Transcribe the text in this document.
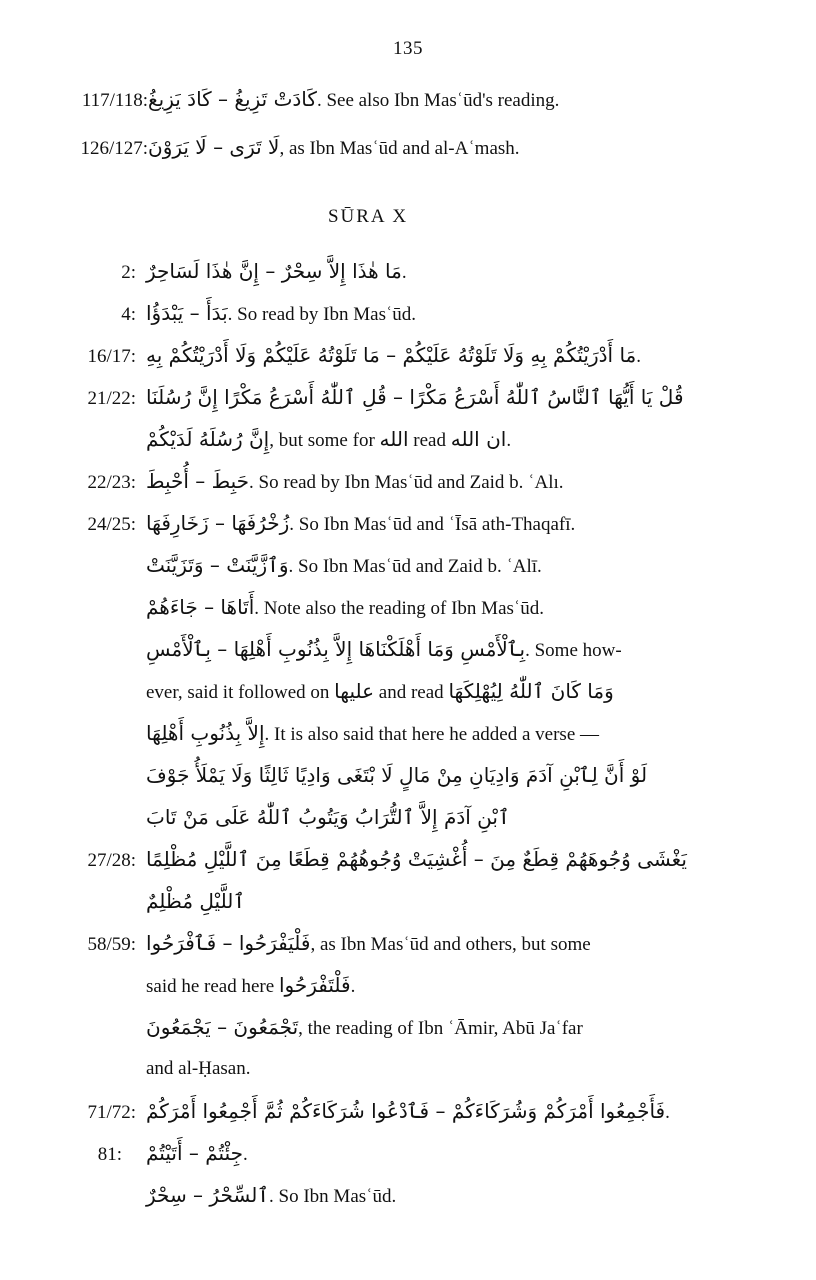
135
SŪRA X
117/118:كَادَتْ تَزِيغُ – كَادَ يَزِيغُ. See also Ibn Masʿūd's reading.
126/127:لَا تَرَى – لَا يَرَوْنَ, as Ibn Masʿūd and al-Aʿmash.
2: مَا هٰذَا إِلاَّ سِحْرٌ – إِنَّ هٰذَا لَسَاحِرٌ.
4: بَدَأَ – يَبْدَؤُا. So read by Ibn Masʿūd.
16/17: مَا أَدْرَيْتُكُمْ بِهِ وَلَا تَلَوْتُهُ عَلَيْكُمْ – مَا تَلَوْتُهُ عَلَيْكُمْ وَلَا أَدْرَيْتُكُمْ بِهِ.
21/22: قُلْ يَا أَيُّهَا ٱلنَّاسُ ٱللّٰهُ أَسْرَعُ مَكْرًا – قُلِ ٱللّٰهُ أَسْرَعُ مَكْرًا إِنَّ رُسُلَنَا
إِنَّ رُسُلَهُ لَدَيْكُمْ, but some for الله read ان الله.
22/23: حَبِطَ – أُحْبِطَ. So read by Ibn Masʿūd and Zaid b. ʿAlı.
24/25: زُخْرُفَهَا – زَخَارِفَهَا. So Ibn Masʿūd and ʿĪsā ath-Thaqafī.
وَٱزَّيَّنَتْ – وَتَزَيَّنَتْ. So Ibn Masʿūd and Zaid b. ʿAlī.
أَتَاهَا – جَاءَهُمْ. Note also the reading of Ibn Masʿūd.
بِٱلْأَمْسِ وَمَا أَهْلَكْنَاهَا إِلاَّ بِذُنُوبِ أَهْلِهَا – بِٱلْأَمْسِ. Some how-
ever, said it followed on عليها and read وَمَا كَانَ ٱللّٰهُ لِيُهْلِكَهَا
إِلاَّ بِذُنُوبِ أَهْلِهَا. It is also said that here he added a verse —
لَوْ أَنَّ لِٱبْنِ آدَمَ وَادِيَانِ مِنْ مَالٍ لَا بْتَغَى وَادِيًا ثَالِثًا وَلَا يَمْلَأُ جَوْفَ
ٱبْنِ آدَمَ إِلاَّ ٱلتُّرَابُ وَيَتُوبُ ٱللّٰهُ عَلَى مَنْ تَابَ
27/28: يَغْشَى وُجُوهَهُمْ قِطَعٌ مِنَ – أُغْشِيَتْ وُجُوهُهُمْ قِطَعًا مِنَ ٱللَّيْلِ مُظْلِمًا
ٱللَّيْلِ مُظْلِمٌ
58/59: فَلْيَفْرَحُوا – فَٱفْرَحُوا, as Ibn Masʿūd and others, but some
said he read here فَلْتَفْرَحُوا.
تَجْمَعُونَ – يَجْمَعُونَ, the reading of Ibn ʿĀmir, Abū Jaʿfar
and al-Ḥasan.
71/72: فَأَجْمِعُوا أَمْرَكُمْ وَشُرَكَاءَكُمْ – فَٱدْعُوا شُرَكَاءَكُمْ ثُمَّ أَجْمِعُوا أَمْرَكُمْ.
81: جِئْتُمْ – أَتَيْتُمْ.
ٱلسِّحْرُ – سِحْرٌ. So Ibn Masʿūd.
